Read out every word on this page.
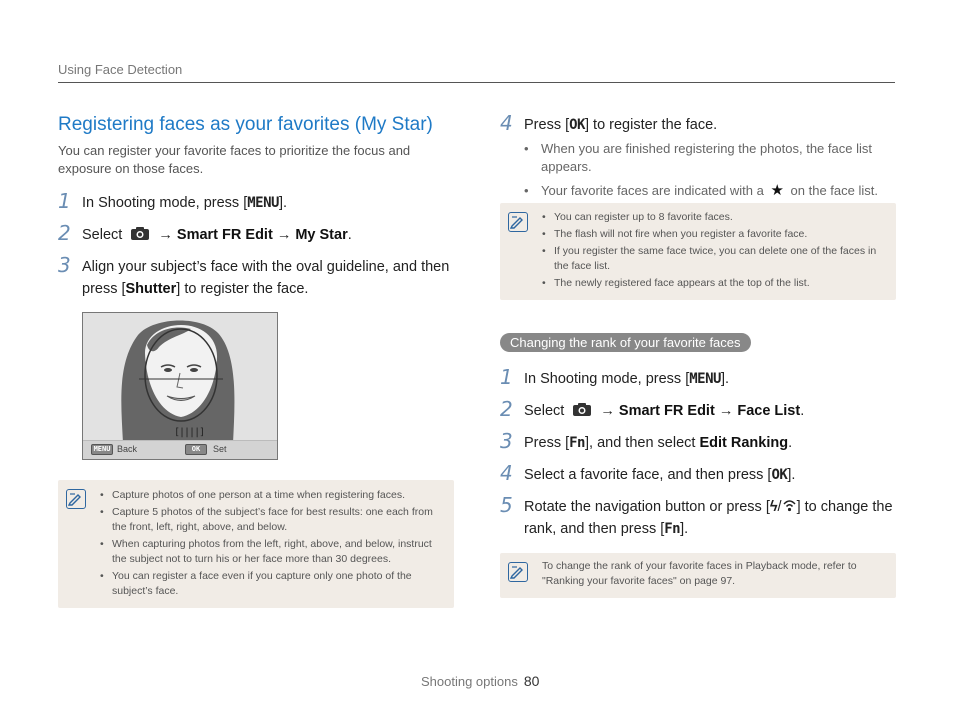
Using Face Detection
Registering faces as your favorites (My Star)

You can register your favorite faces to prioritize the focus and exposure on those faces.

1 In Shooting mode, press [MENU].
2 Select → Smart FR Edit → My Star.
3 Align your subject’s face with the oval guideline, and then press [Shutter] to register the face.
[||||]
MENU Back	OK	Set
• Capture photos of one person at a time when registering faces.
• Capture 5 photos of the subject’s face for best results: one each from the front, left, right, above, and below.
• When capturing photos from the left, right, above, and below, instruct the subject not to turn his or her face more than 30 degrees.
• You can register a face even if you capture only one photo of the subject’s face.
4 Press [OK] to register the face.
• When you are finished registering the photos, the face list appears.
• Your favorite faces are indicated with a ★ on the face list.
• You can register up to 8 favorite faces.
• The flash will not fire when you register a favorite face.
• If you register the same face twice, you can delete one of the faces in the face list.
• The newly registered face appears at the top of the list.
Changing the rank of your favorite faces
1 In Shooting mode, press [MENU].
2 Select → Smart FR Edit → Face List.
3 Press [Fn], and then select Edit Ranking.
4 Select a favorite face, and then press [OK].
5 Rotate the navigation button or press [ϟ/ ] to change the rank, and then press [Fn].

To change the rank of your favorite faces in Playback mode, refer to "Ranking your favorite faces" on page 97.

Shooting options 80
